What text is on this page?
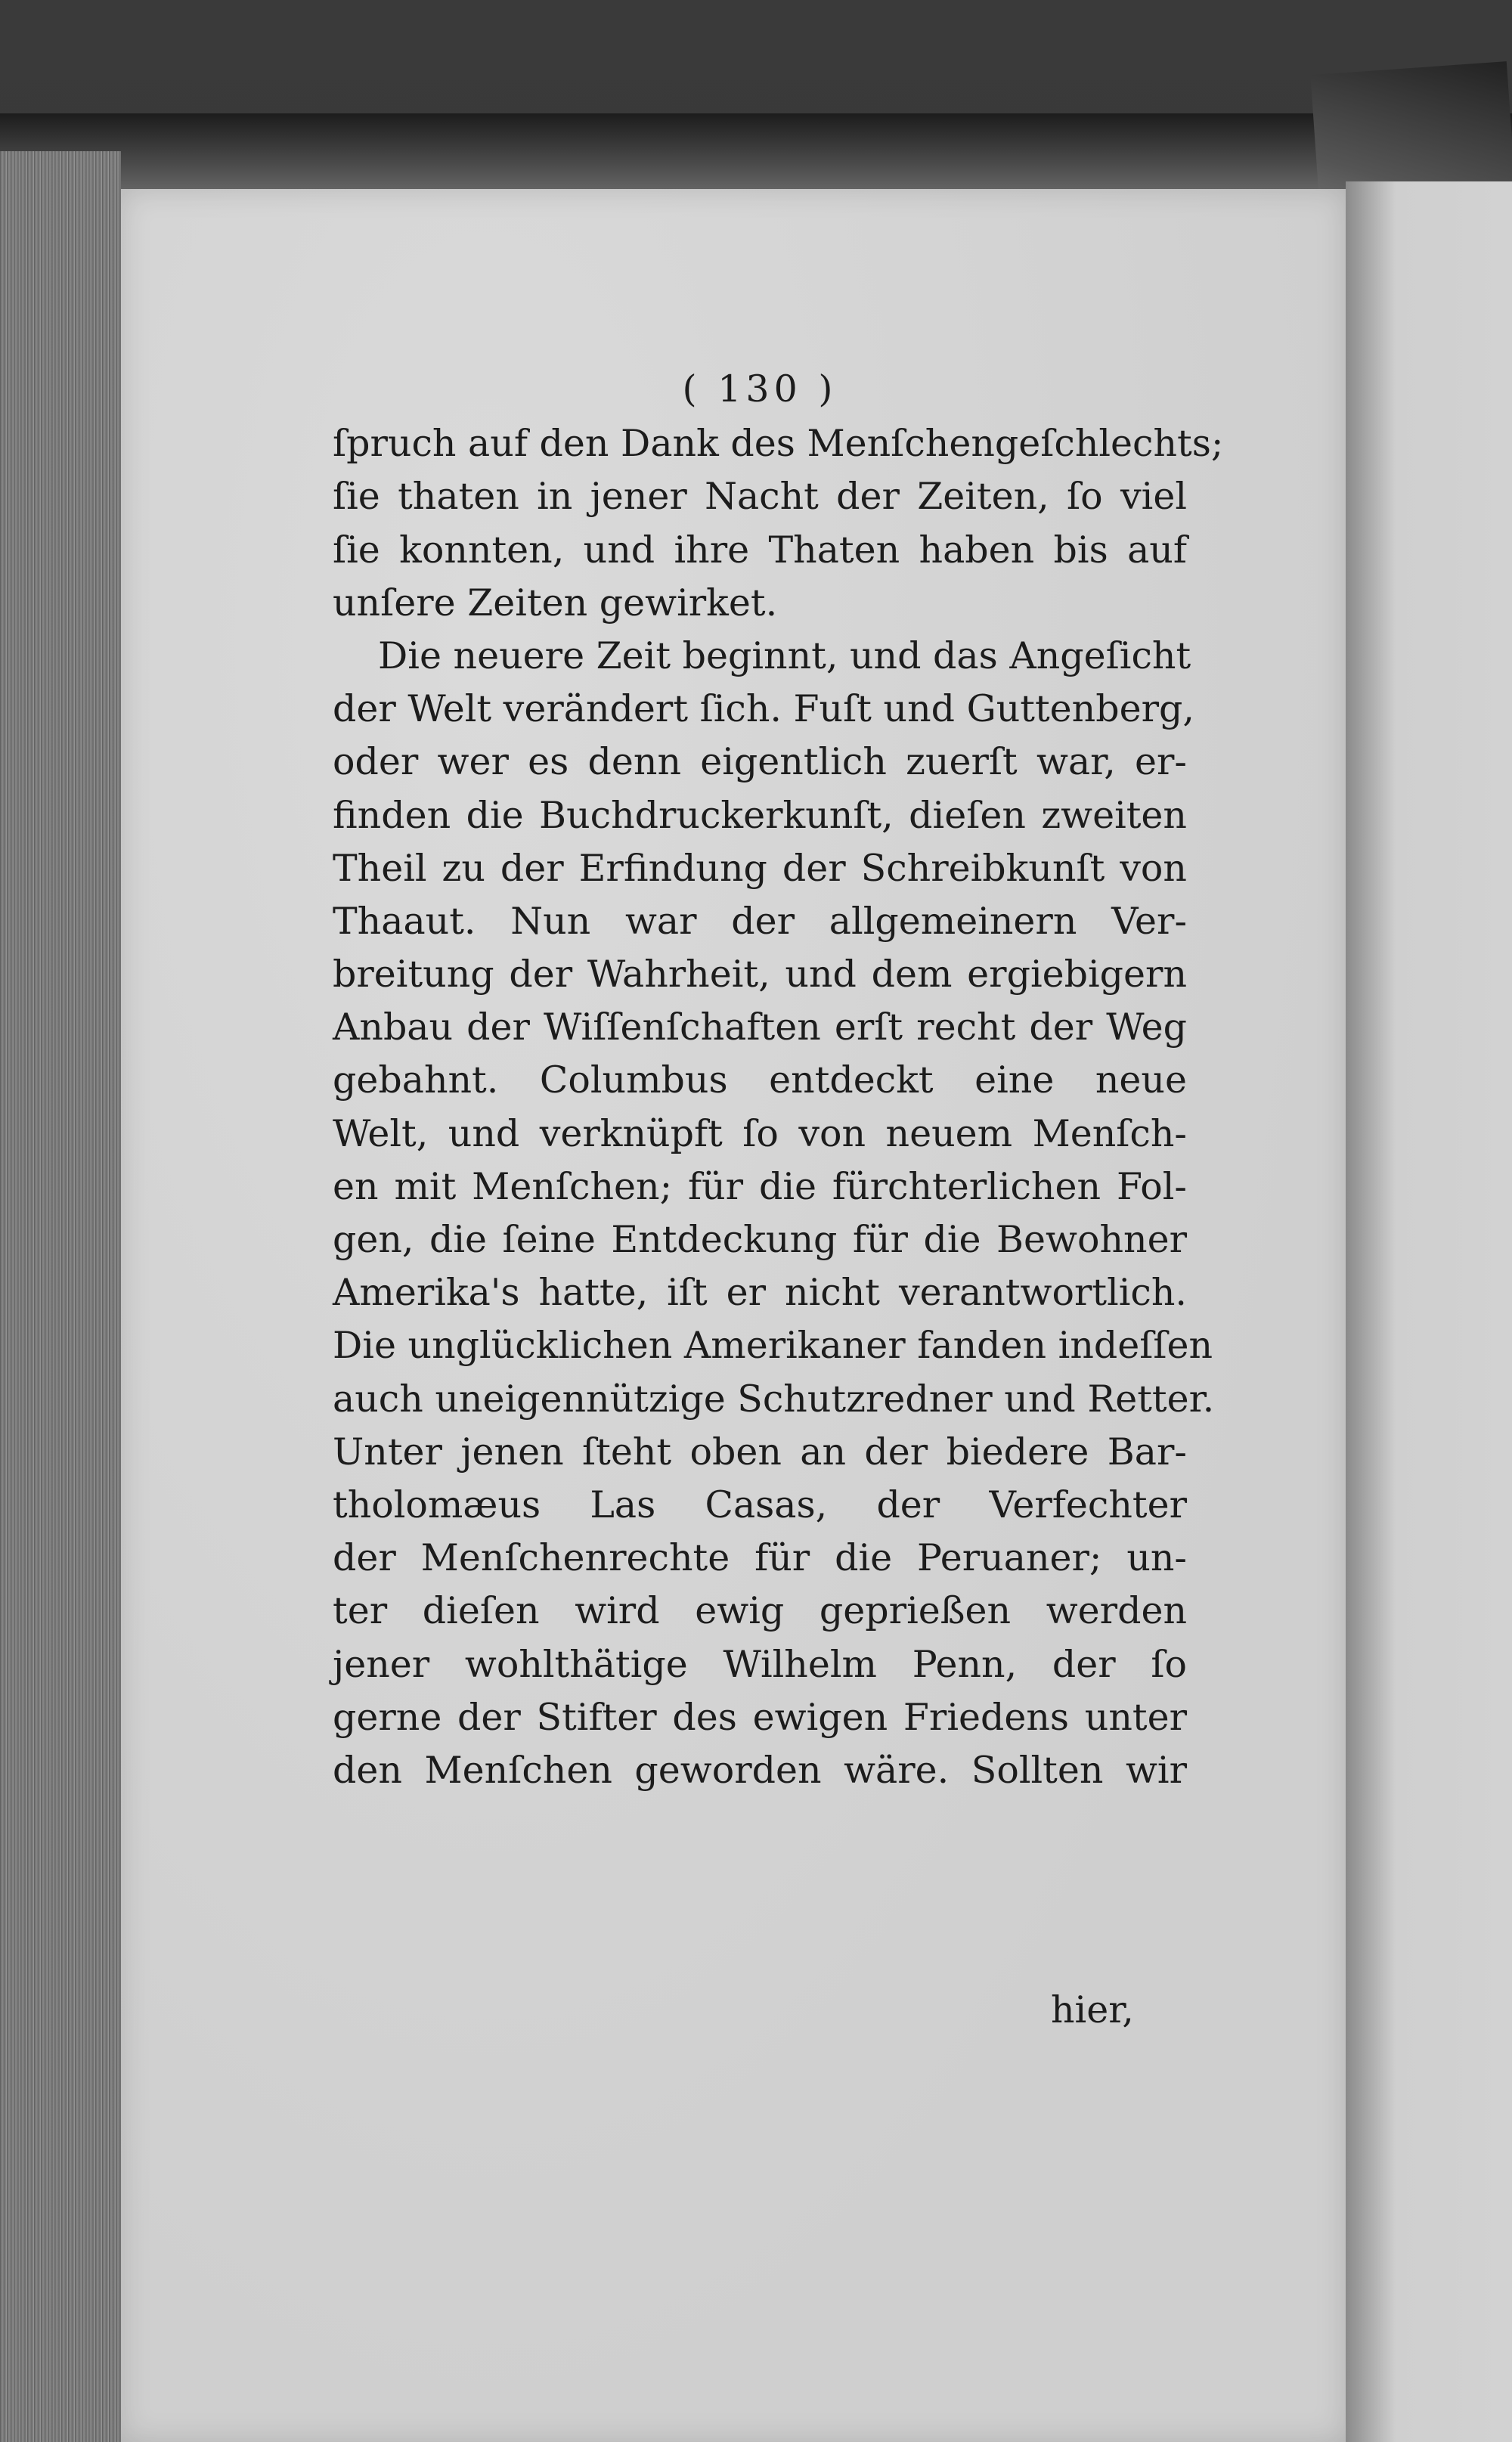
( 130 )
ſpruch auf den Dank des Menſchengeſchlechts;
ſie thaten in jener Nacht der Zeiten, ſo viel
ſie konnten, und ihre Thaten haben bis auf
unſere Zeiten gewirket.
Die neuere Zeit beginnt, und das Angeſicht
der Welt verändert ſich. Fuſt und Guttenberg,
oder wer es denn eigentlich zuerſt war, er-
finden die Buchdruckerkunſt, dieſen zweiten
Theil zu der Erfindung der Schreibkunſt von
Thaaut. Nun war der allgemeinern Ver-
breitung der Wahrheit, und dem ergiebigern
Anbau der Wiſſenſchaften erſt recht der Weg
gebahnt. Columbus entdeckt eine neue
Welt, und verknüpft ſo von neuem Menſch-
en mit Menſchen; für die fürchterlichen Fol-
gen, die ſeine Entdeckung für die Bewohner
Amerika's hatte, iſt er nicht verantwortlich.
Die unglücklichen Amerikaner fanden indeſſen
auch uneigennützige Schutzredner und Retter.
Unter jenen ſteht oben an der biedere Bar-
tholomæus Las Casas, der Verfechter
der Menſchenrechte für die Peruaner; un-
ter dieſen wird ewig geprießen werden
jener wohlthätige Wilhelm Penn, der ſo
gerne der Stifter des ewigen Friedens unter
den Menſchen geworden wäre. Sollten wir
hier,
